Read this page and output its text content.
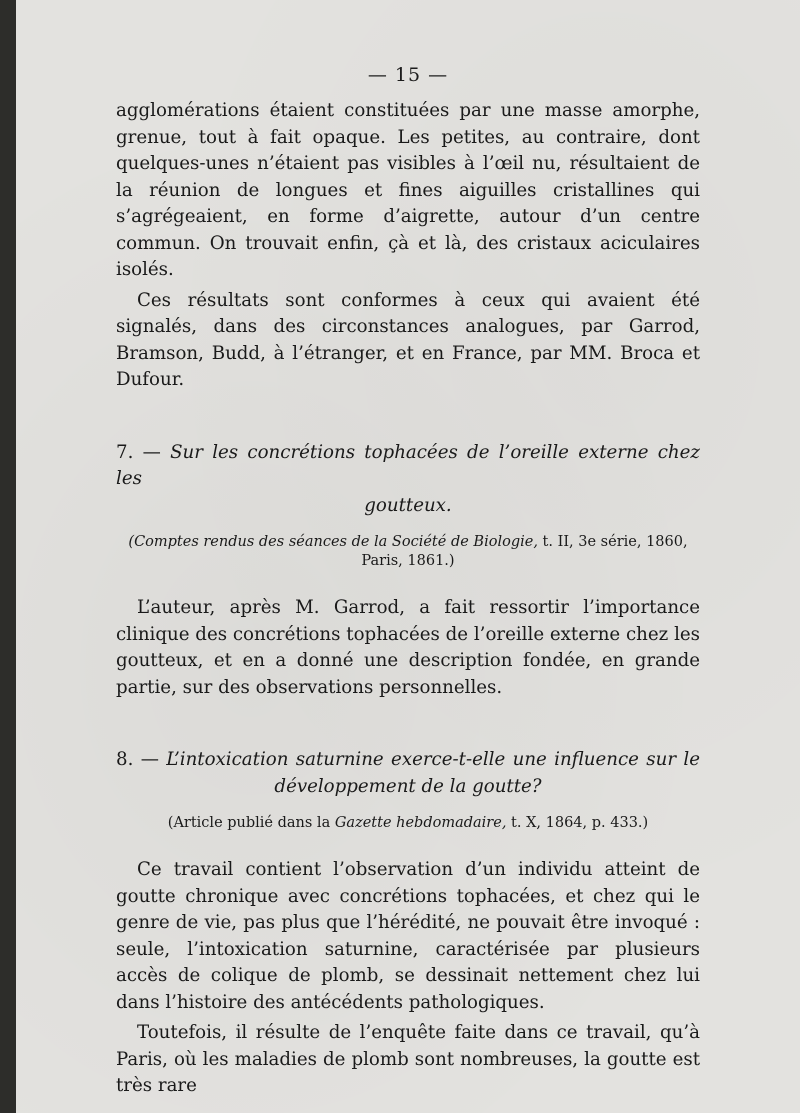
— 15 —

agglomérations étaient constituées par une masse amorphe, grenue, tout à fait opaque. Les petites, au contraire, dont quelques-unes n’étaient pas visibles à l’œil nu, résultaient de la réunion de longues et fines aiguilles cristallines qui s’agrégeaient, en forme d’aigrette, autour d’un centre commun. On trouvait enfin, çà et là, des cristaux aciculaires isolés.

Ces résultats sont conformes à ceux qui avaient été signalés, dans des circonstances analogues, par Garrod, Bramson, Budd, à l’étranger, et en France, par MM. Broca et Dufour.

7. — Sur les concrétions tophacées de l’oreille externe chez les
goutteux.
(Comptes rendus des séances de la Société de Biologie, t. II, 3e série, 1860, Paris, 1861.)

L’auteur, après M. Garrod, a fait ressortir l’importance clinique des concrétions tophacées de l’oreille externe chez les goutteux, et en a donné une description fondée, en grande partie, sur des observations personnelles.

8. — L’intoxication saturnine exerce-t-elle une influence sur le
développement de la goutte?
(Article publié dans la Gazette hebdomadaire, t. X, 1864, p. 433.)

Ce travail contient l’observation d’un individu atteint de goutte chronique avec concrétions tophacées, et chez qui le genre de vie, pas plus que l’hérédité, ne pouvait être invoqué : seule, l’intoxication saturnine, caractérisée par plusieurs accès de colique de plomb, se dessinait nettement chez lui dans l’histoire des antécédents pathologiques.

Toutefois, il résulte de l’enquête faite dans ce travail, qu’à Paris, où les maladies de plomb sont nombreuses, la goutte est très rare
